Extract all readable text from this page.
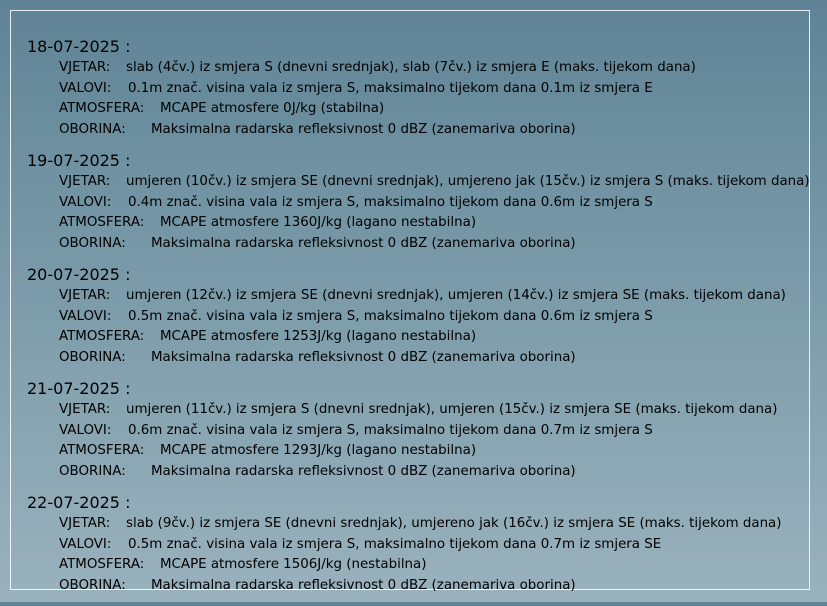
18-07-2025 :
VJETAR: slab (4čv.) iz smjera S (dnevni srednjak), slab (7čv.) iz smjera E (maks. tijekom dana)
VALOVI: 0.1m znač. visina vala iz smjera S, maksimalno tijekom dana 0.1m iz smjera E
ATMOSFERA: MCAPE atmosfere 0J/kg (stabilna)
OBORINA: Maksimalna radarska refleksivnost 0 dBZ (zanemariva oborina)
19-07-2025 :
VJETAR: umjeren (10čv.) iz smjera SE (dnevni srednjak), umjereno jak (15čv.) iz smjera S (maks. tijekom dana)
VALOVI: 0.4m znač. visina vala iz smjera S, maksimalno tijekom dana 0.6m iz smjera S
ATMOSFERA: MCAPE atmosfere 1360J/kg (lagano nestabilna)
OBORINA: Maksimalna radarska refleksivnost 0 dBZ (zanemariva oborina)
20-07-2025 :
VJETAR: umjeren (12čv.) iz smjera SE (dnevni srednjak), umjeren (14čv.) iz smjera SE (maks. tijekom dana)
VALOVI: 0.5m znač. visina vala iz smjera S, maksimalno tijekom dana 0.6m iz smjera S
ATMOSFERA: MCAPE atmosfere 1253J/kg (lagano nestabilna)
OBORINA: Maksimalna radarska refleksivnost 0 dBZ (zanemariva oborina)
21-07-2025 :
VJETAR: umjeren (11čv.) iz smjera S (dnevni srednjak), umjeren (15čv.) iz smjera SE (maks. tijekom dana)
VALOVI: 0.6m znač. visina vala iz smjera S, maksimalno tijekom dana 0.7m iz smjera S
ATMOSFERA: MCAPE atmosfere 1293J/kg (lagano nestabilna)
OBORINA: Maksimalna radarska refleksivnost 0 dBZ (zanemariva oborina)
22-07-2025 :
VJETAR: slab (9čv.) iz smjera SE (dnevni srednjak), umjereno jak (16čv.) iz smjera SE (maks. tijekom dana)
VALOVI: 0.5m znač. visina vala iz smjera S, maksimalno tijekom dana 0.7m iz smjera SE
ATMOSFERA: MCAPE atmosfere 1506J/kg (nestabilna)
OBORINA: Maksimalna radarska refleksivnost 0 dBZ (zanemariva oborina)
